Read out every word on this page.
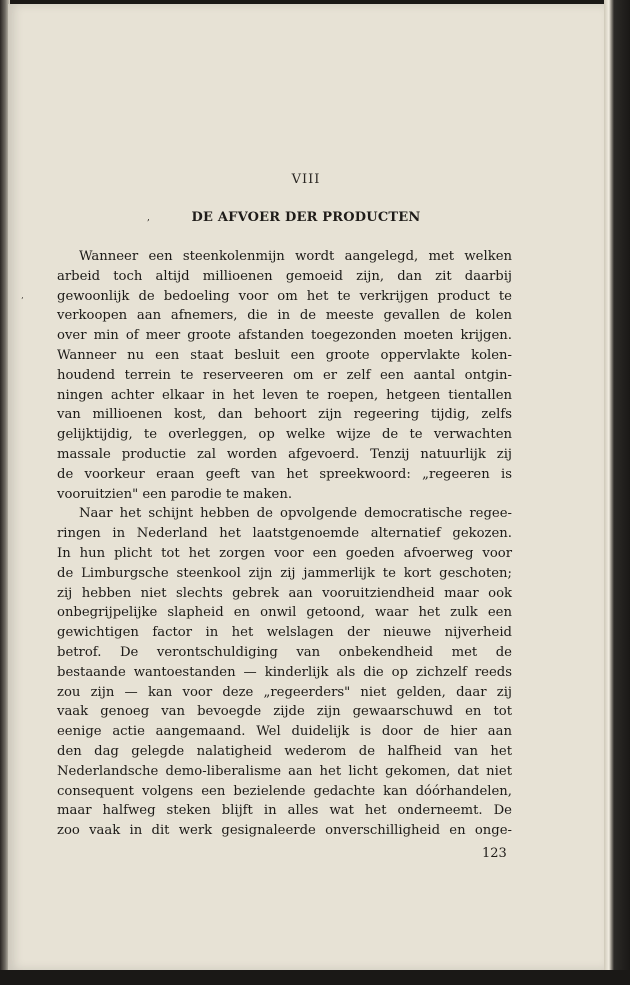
VIII
‚	DE AFVOER DER PRODUCTEN
’

Wanneer een steenkolenmijn wordt aangelegd, met welken
arbeid toch altijd millioenen gemoeid zijn, dan zit daarbij
gewoonlijk de bedoeling voor om het te verkrijgen product te
verkoopen aan afnemers, die in de meeste gevallen de kolen
over min of meer groote afstanden toegezonden moeten krijgen.
Wanneer nu een staat besluit een groote oppervlakte kolen-
houdend terrein te reserveeren om er zelf een aantal ontgin-
ningen achter elkaar in het leven te roepen, hetgeen tientallen
van millioenen kost, dan behoort zijn regeering tijdig, zelfs
gelijktijdig, te overleggen, op welke wijze de te verwachten
massale productie zal worden afgevoerd. Tenzij natuurlijk zij
de voorkeur eraan geeft van het spreekwoord: „regeeren is
vooruitzien" een parodie te maken.

Naar het schijnt hebben de opvolgende democratische regee-
ringen in Nederland het laatstgenoemde alternatief gekozen.
In hun plicht tot het zorgen voor een goeden afvoerweg voor
de Limburgsche steenkool zijn zij jammerlijk te kort geschoten;
zij hebben niet slechts gebrek aan vooruitziendheid maar ook
onbegrijpelijke slapheid en onwil getoond, waar het zulk een
gewichtigen factor in het welslagen der nieuwe nijverheid
betrof. De verontschuldiging van onbekendheid met de
bestaande wantoestanden — kinderlijk als die op zichzelf reeds
zou zijn — kan voor deze „regeerders" niet gelden, daar zij
vaak genoeg van bevoegde zijde zijn gewaarschuwd en tot
eenige actie aangemaand. Wel duidelijk is door de hier aan
den dag gelegde nalatigheid wederom de halfheid van het
Nederlandsche demo-liberalisme aan het licht gekomen, dat niet
consequent volgens een bezielende gedachte kan dóórhandelen,
maar halfweg steken blijft in alles wat het onderneemt. De
zoo vaak in dit werk gesignaleerde onverschilligheid en onge-

123
